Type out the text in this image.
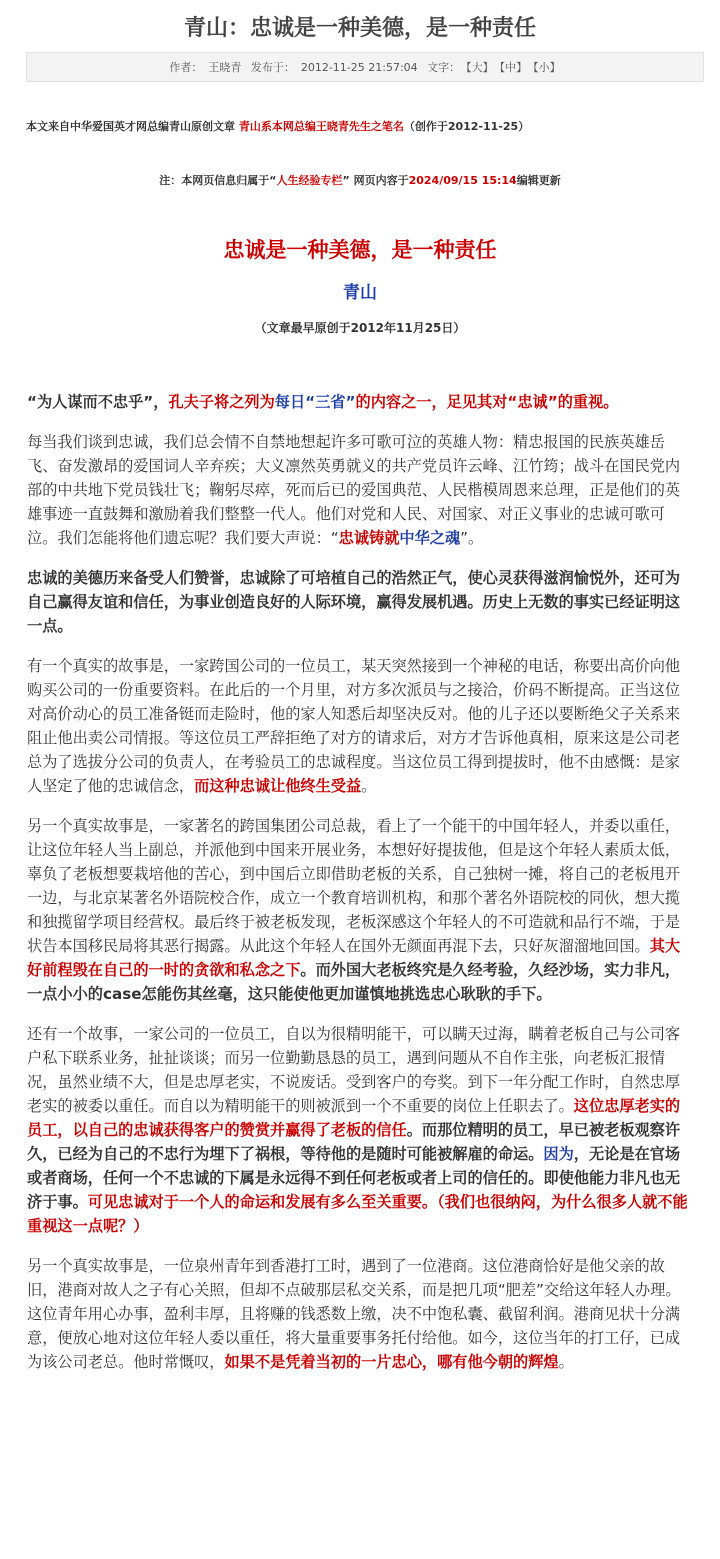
青山：忠诚是一种美德，是一种责任
作者： 王晓青 发布于： 2012-11-25 21:57:04 文字： 【大】 【中】 【小】
本文来自中华爱国英才网总编青山原创文章 青山系本网总编王晓青先生之笔名（创作于2012-11-25）
注：本网页信息归属于“人生经验专栏” 网页内容于2024/09/15 15:14编辑更新
忠诚是一种美德，是一种责任
青山
（文章最早原创于2012年11月25日）

“为人谋而不忠乎”，孔夫子将之列为每日“三省”的内容之一，足见其对“忠诚”的重视。

每当我们谈到忠诚，我们总会情不自禁地想起许多可歌可泣的英雄人物：精忠报国的民族英雄岳飞、奋发激昂的爱国词人辛弃疾；大义凛然英勇就义的共产党员许云峰、江竹筠；战斗在国民党内部的中共地下党员钱壮飞；鞠躬尽瘁，死而后已的爱国典范、人民楷模周恩来总理，正是他们的英雄事迹一直鼓舞和激励着我们整整一代人。他们对党和人民、对国家、对正义事业的忠诚可歌可泣。我们怎能将他们遗忘呢？我们要大声说：“忠诚铸就中华之魂”。

忠诚的美德历来备受人们赞誉，忠诚除了可培植自己的浩然正气，使心灵获得滋润愉悦外，还可为自己赢得友谊和信任，为事业创造良好的人际环境，赢得发展机遇。历史上无数的事实已经证明这一点。

有一个真实的故事是，一家跨国公司的一位员工，某天突然接到一个神秘的电话，称要出高价向他购买公司的一份重要资料。在此后的一个月里，对方多次派员与之接洽，价码不断提高。正当这位对高价动心的员工准备铤而走险时，他的家人知悉后却坚决反对。他的儿子还以要断绝父子关系来阻止他出卖公司情报。等这位员工严辞拒绝了对方的请求后，对方才告诉他真相，原来这是公司老总为了选拔分公司的负责人，在考验员工的忠诚程度。当这位员工得到提拔时，他不由感慨：是家人坚定了他的忠诚信念，而这种忠诚让他终生受益。

另一个真实故事是，一家著名的跨国集团公司总裁，看上了一个能干的中国年轻人，并委以重任，让这位年轻人当上副总，并派他到中国来开展业务，本想好好提拔他，但是这个年轻人素质太低，辜负了老板想要栽培他的苦心，到中国后立即借助老板的关系，自己独树一摊，将自己的老板甩开一边，与北京某著名外语院校合作，成立一个教育培训机构，和那个著名外语院校的同伙，想大揽和独揽留学项目经营权。最后终于被老板发现，老板深感这个年轻人的不可造就和品行不端，于是状告本国移民局将其恶行揭露。从此这个年轻人在国外无颜面再混下去，只好灰溜溜地回国。其大好前程毁在自己的一时的贪欲和私念之下。而外国大老板终究是久经考验，久经沙场，实力非凡，一点小小的case怎能伤其丝毫，这只能使他更加谨慎地挑选忠心耿耿的手下。

还有一个故事，一家公司的一位员工，自以为很精明能干，可以瞒天过海，瞒着老板自己与公司客户私下联系业务，扯扯谈谈；而另一位勤勤恳恳的员工，遇到问题从不自作主张，向老板汇报情况，虽然业绩不大，但是忠厚老实，不说废话。受到客户的夸奖。到下一年分配工作时，自然忠厚老实的被委以重任。而自以为精明能干的则被派到一个不重要的岗位上任职去了。这位忠厚老实的员工，以自己的忠诚获得客户的赞赏并赢得了老板的信任。而那位精明的员工，早已被老板观察许久，已经为自己的不忠行为埋下了祸根，等待他的是随时可能被解雇的命运。因为，无论是在官场或者商场，任何一个不忠诚的下属是永远得不到任何老板或者上司的信任的。即使他能力非凡也无济于事。可见忠诚对于一个人的命运和发展有多么至关重要。（我们也很纳闷，为什么很多人就不能重视这一点呢？）

另一个真实故事是，一位泉州青年到香港打工时，遇到了一位港商。这位港商恰好是他父亲的故旧，港商对故人之子有心关照，但却不点破那层私交关系，而是把几项“肥差”交给这年轻人办理。这位青年用心办事，盈利丰厚，且将赚的钱悉数上缴，决不中饱私囊、截留利润。港商见状十分满意，便放心地对这位年轻人委以重任，将大量重要事务托付给他。如今，这位当年的打工仔，已成为该公司老总。他时常慨叹，如果不是凭着当初的一片忠心，哪有他今朝的辉煌。
